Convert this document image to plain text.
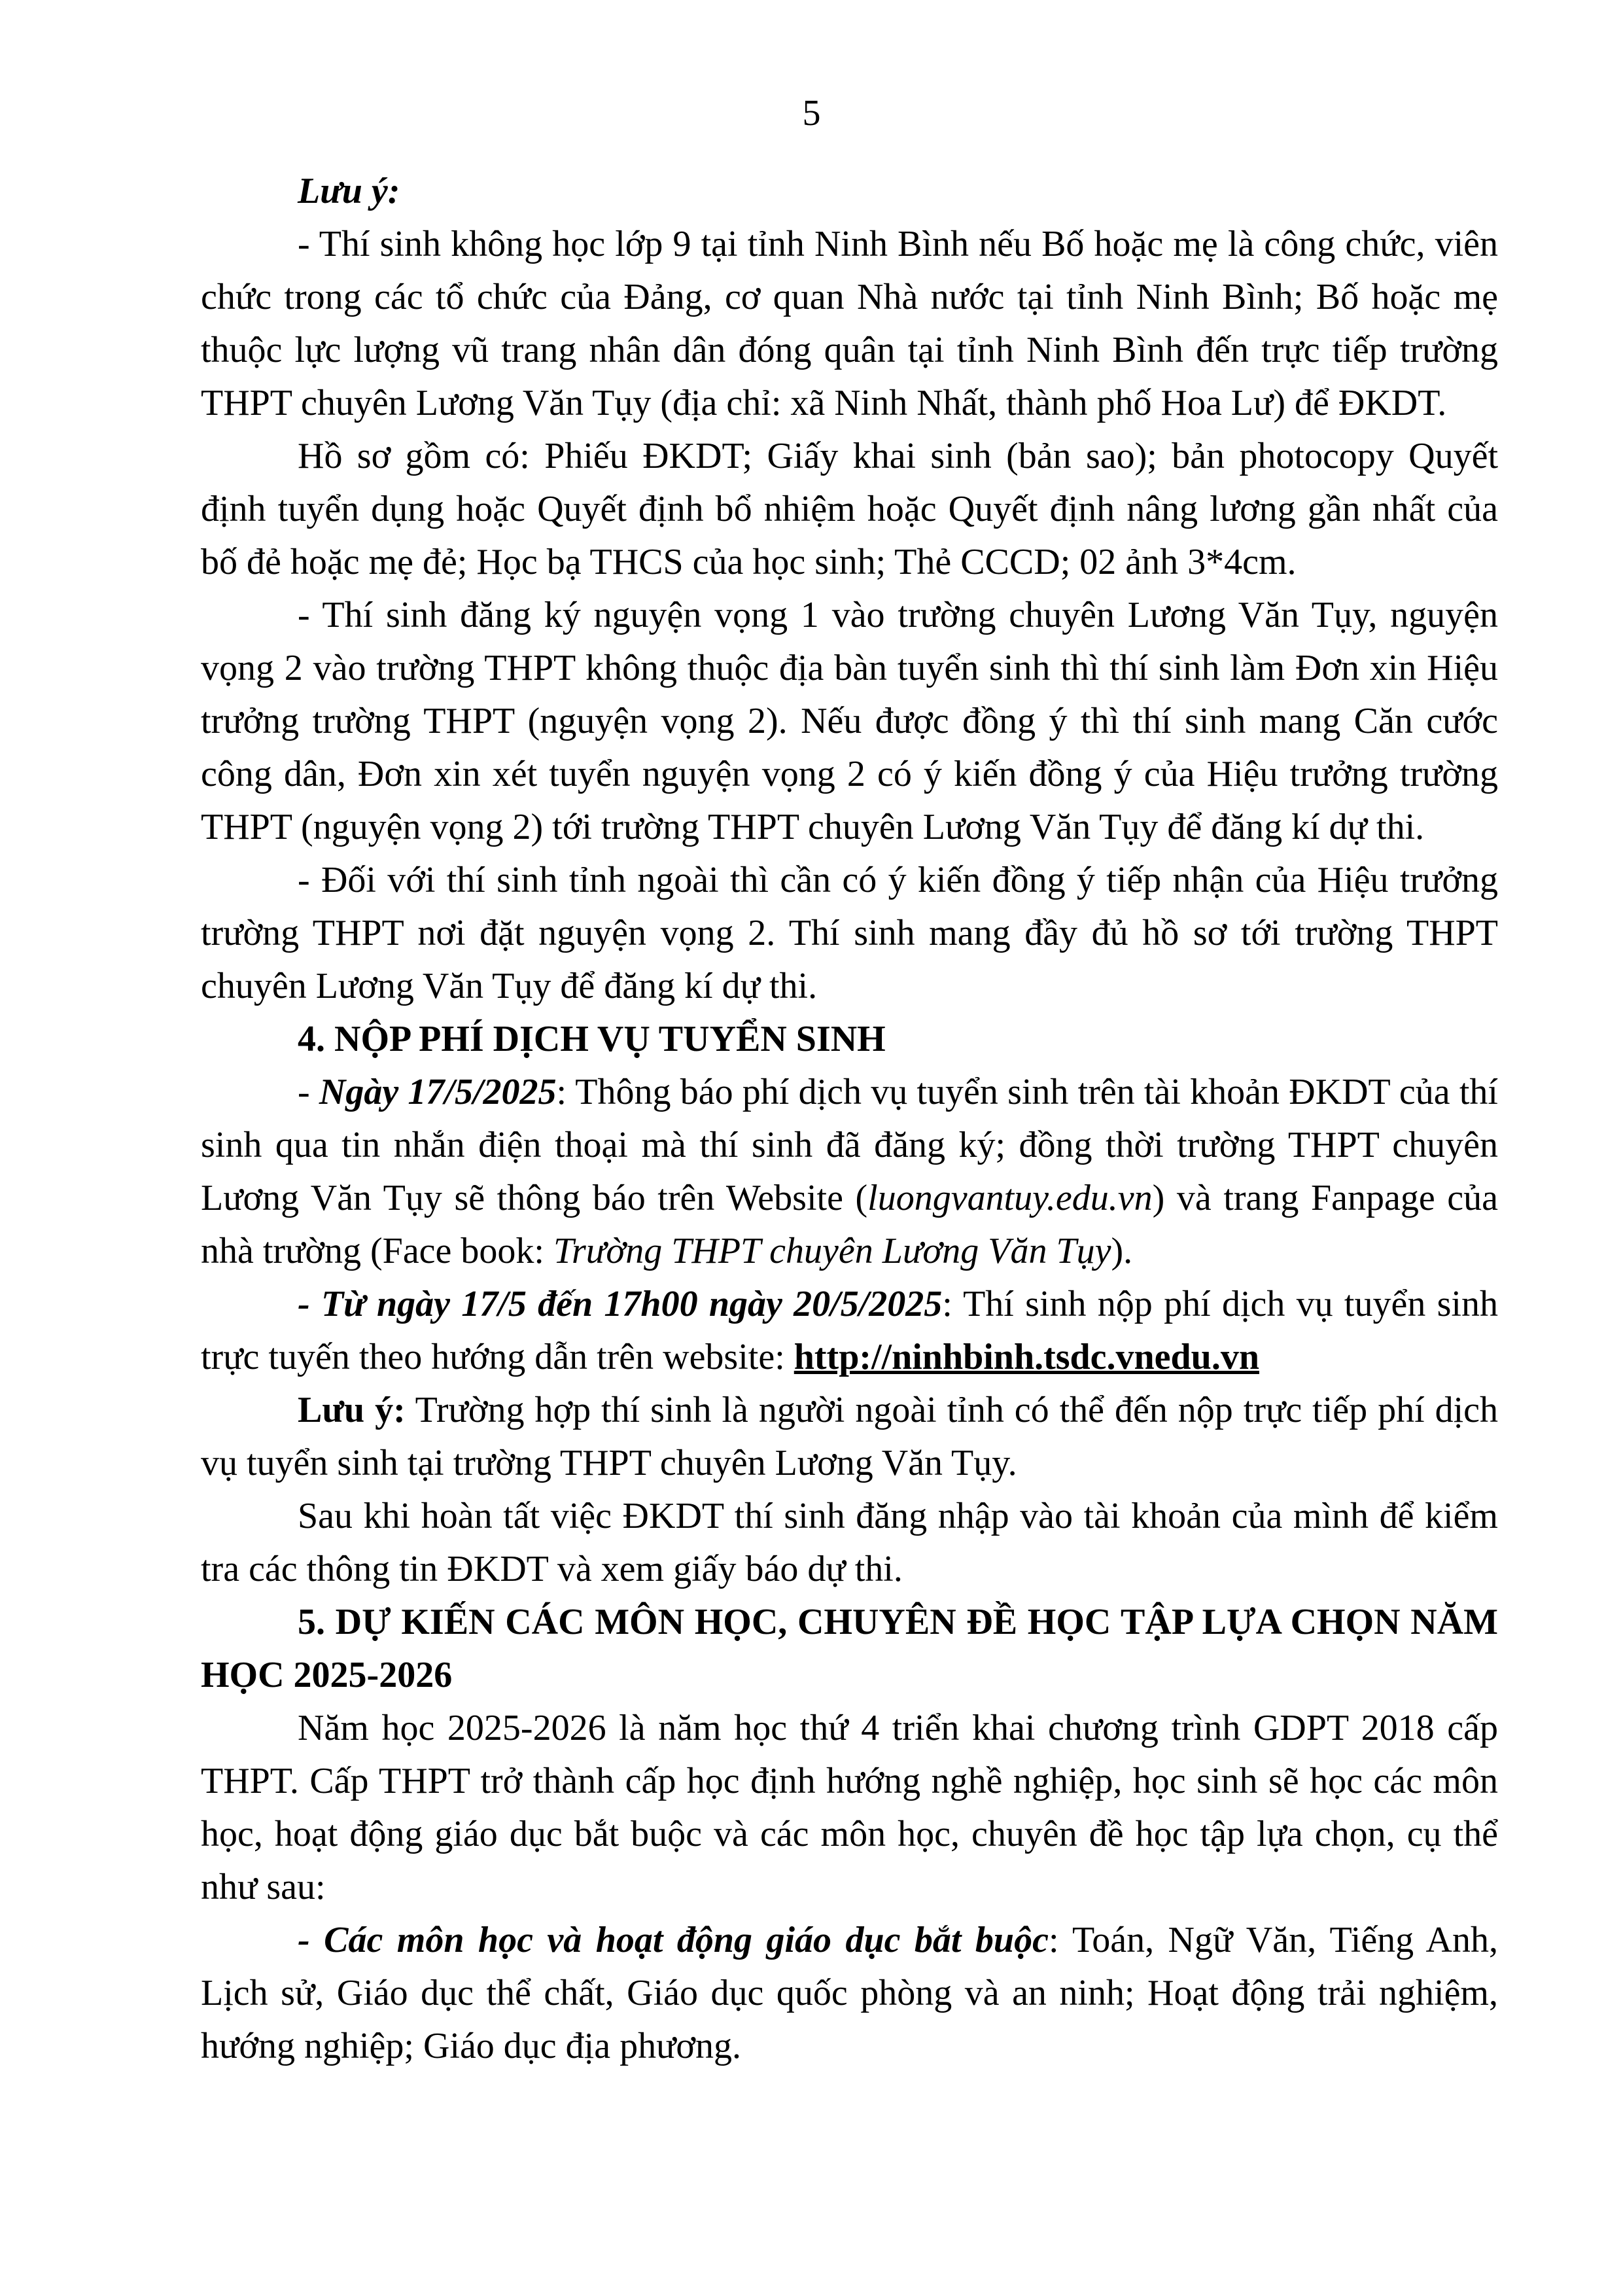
5

Lưu ý:

- Thí sinh không học lớp 9 tại tỉnh Ninh Bình nếu Bố hoặc mẹ là công chức, viên chức trong các tổ chức của Đảng, cơ quan Nhà nước tại tỉnh Ninh Bình; Bố hoặc mẹ thuộc lực lượng vũ trang nhân dân đóng quân tại tỉnh Ninh Bình đến trực tiếp trường THPT chuyên Lương Văn Tụy (địa chỉ: xã Ninh Nhất, thành phố Hoa Lư) để ĐKDT.

Hồ sơ gồm có: Phiếu ĐKDT; Giấy khai sinh (bản sao); bản photocopy Quyết định tuyển dụng hoặc Quyết định bổ nhiệm hoặc Quyết định nâng lương gần nhất của bố đẻ hoặc mẹ đẻ; Học bạ THCS của học sinh; Thẻ CCCD; 02 ảnh 3*4cm.

- Thí sinh đăng ký nguyện vọng 1 vào trường chuyên Lương Văn Tụy, nguyện vọng 2 vào trường THPT không thuộc địa bàn tuyển sinh thì thí sinh làm Đơn xin Hiệu trưởng trường THPT (nguyện vọng 2). Nếu được đồng ý thì thí sinh mang Căn cước công dân, Đơn xin xét tuyển nguyện vọng 2 có ý kiến đồng ý của Hiệu trưởng trường THPT (nguyện vọng 2) tới trường THPT chuyên Lương Văn Tụy để đăng kí dự thi.

- Đối với thí sinh tỉnh ngoài thì cần có ý kiến đồng ý tiếp nhận của Hiệu trưởng trường THPT nơi đặt nguyện vọng 2. Thí sinh mang đầy đủ hồ sơ tới trường THPT chuyên Lương Văn Tụy để đăng kí dự thi.

4. NỘP PHÍ DỊCH VỤ TUYỂN SINH

- Ngày 17/5/2025: Thông báo phí dịch vụ tuyển sinh trên tài khoản ĐKDT của thí sinh qua tin nhắn điện thoại mà thí sinh đã đăng ký; đồng thời trường THPT chuyên Lương Văn Tụy sẽ thông báo trên Website (luongvantuy.edu.vn) và trang Fanpage của nhà trường (Face book: Trường THPT chuyên Lương Văn Tụy).

- Từ ngày 17/5 đến 17h00 ngày 20/5/2025: Thí sinh nộp phí dịch vụ tuyển sinh trực tuyến theo hướng dẫn trên website: http://ninhbinh.tsdc.vnedu.vn

Lưu ý: Trường hợp thí sinh là người ngoài tỉnh có thể đến nộp trực tiếp phí dịch vụ tuyển sinh tại trường THPT chuyên Lương Văn Tụy.

Sau khi hoàn tất việc ĐKDT thí sinh đăng nhập vào tài khoản của mình để kiểm tra các thông tin ĐKDT và xem giấy báo dự thi.

5. DỰ KIẾN CÁC MÔN HỌC, CHUYÊN ĐỀ HỌC TẬP LỰA CHỌN NĂM HỌC 2025-2026

Năm học 2025-2026 là năm học thứ 4 triển khai chương trình GDPT 2018 cấp THPT. Cấp THPT trở thành cấp học định hướng nghề nghiệp, học sinh sẽ học các môn học, hoạt động giáo dục bắt buộc và các môn học, chuyên đề học tập lựa chọn, cụ thể như sau:

- Các môn học và hoạt động giáo dục bắt buộc: Toán, Ngữ Văn, Tiếng Anh, Lịch sử, Giáo dục thể chất, Giáo dục quốc phòng và an ninh; Hoạt động trải nghiệm, hướng nghiệp; Giáo dục địa phương.
